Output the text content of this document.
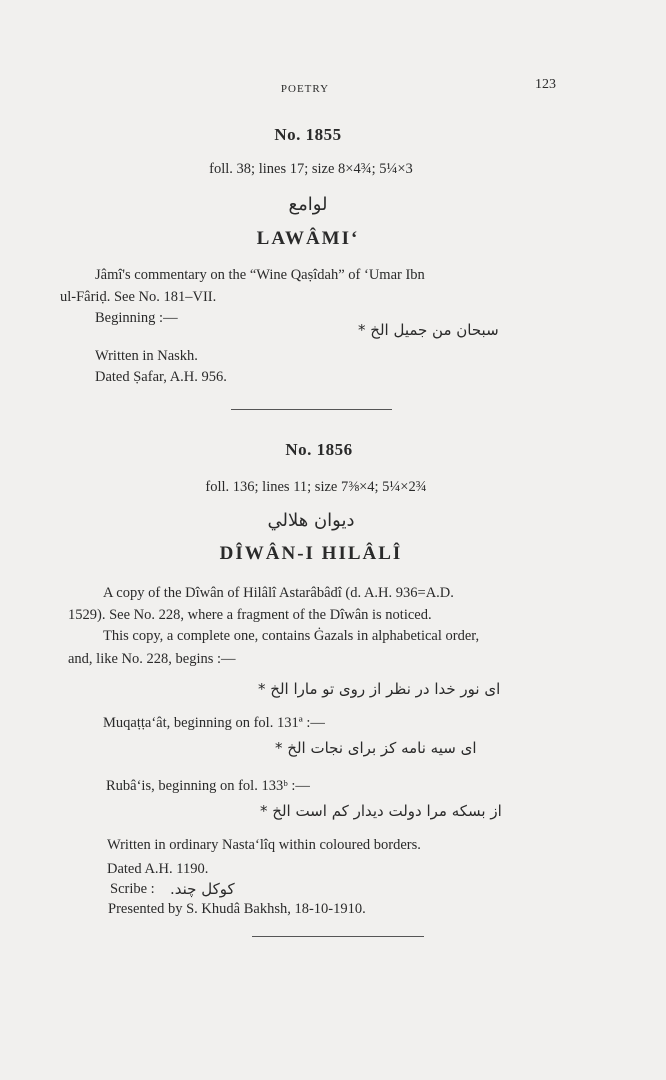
POETRY	123
No. 1855
foll. 38; lines 17; size 8×4¾; 5¼×3
لوامع
LAWÂMI‘
Jâmî's commentary on the “Wine Qaṣîdah” of ‘Umar Ibn
ul-Fâriḍ. See No. 181–VII.
Beginning :—
سبحان من جميل الخ *
Written in Naskh.
Dated Ṣafar, A.H. 956.
No. 1856
foll. 136; lines 11; size 7⅜×4; 5¼×2¾
ديوان هلالي
DÎWÂN-I HILÂLÎ
A copy of the Dîwân of Hilâlî Astarâbâdî (d. A.H. 936=A.D.
1529). See No. 228, where a fragment of the Dîwân is noticed.
This copy, a complete one, contains Ġazals in alphabetical order,
and, like No. 228, begins :—
ای نور خدا در نظر از روی تو مارا الخ *
Muqaṭṭa‘ât, beginning on fol. 131ª :—
ای سیه نامه کز برای نجات الخ *
Rubâ‘is, beginning on fol. 133ᵇ :—
از بسکه مرا دولت دیدار کم است الخ *
Written in ordinary Nasta‘lîq within coloured borders.
Dated A.H. 1190.
Scribe : کوکل چند.
Presented by S. Khudâ Bakhsh, 18-10-1910.
